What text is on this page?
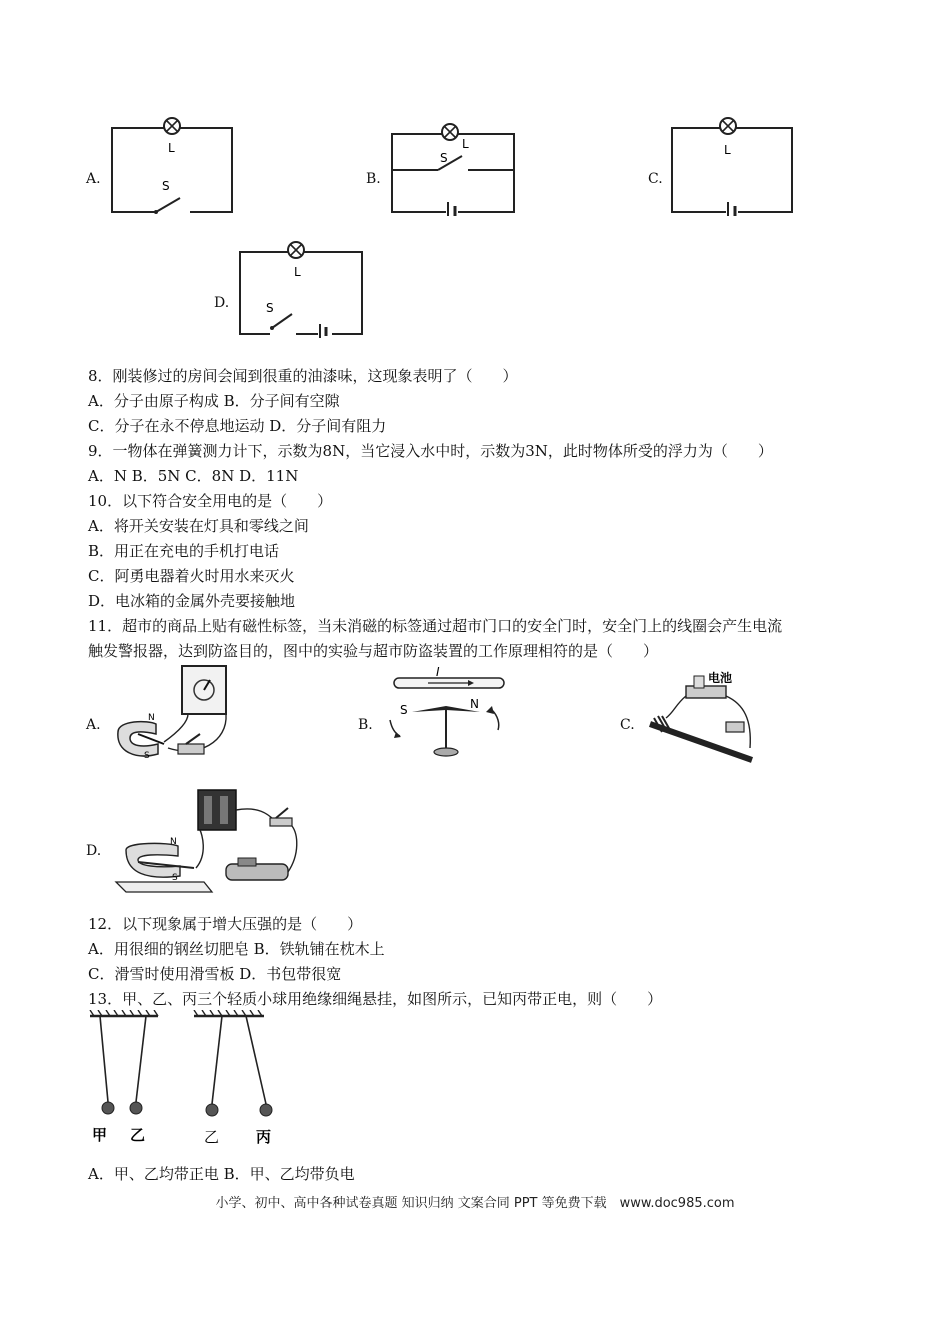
A.
L
S	B.
L
S
C.
L
D.
L
S
8．刚装修过的房间会闻到很重的油漆味，这现象表明了（　　）
A．分子由原子构成 B．分子间有空隙
C．分子在永不停息地运动 D．分子间有阻力
9．一物体在弹簧测力计下，示数为8N，当它浸入水中时，示数为3N，此时物体所受的浮力为（　　）
A．N B．5N C．8N D．11N
10．以下符合安全用电的是（　　）
A．将开关安装在灯具和零线之间
B．用正在充电的手机打电话
C．阿勇电器着火时用水来灭火
D．电冰箱的金属外壳要接触地
11．超市的商品上贴有磁性标签，当未消磁的标签通过超市门口的安全门时，安全门上的线圈会产生电流
触发警报器，达到防盗目的，图中的实验与超市防盗装置的工作原理相符的是（　　）
A.	N
S
B.
I
S	N
C.
电池
D.
N
S
12．以下现象属于增大压强的是（　　）
A．用很细的钢丝切肥皂 B．铁轨铺在枕木上
C．滑雪时使用滑雪板 D．书包带很宽
13．甲、乙、丙三个轻质小球用绝缘细绳悬挂，如图所示，已知丙带正电，则（　　）
甲 乙	乙 丙
A．甲、乙均带正电 B．甲、乙均带负电
小学、初中、高中各种试卷真题 知识归纳 文案合同 PPT 等免费下载　www.doc985.com
